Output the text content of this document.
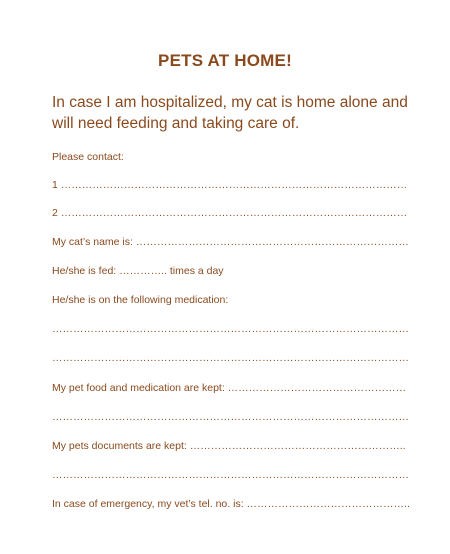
PETS AT HOME!

In case I am hospitalized, my cat is home alone and will need feeding and taking care of.

Please contact:
1 ………………………………………………………………………………………
2 ………………………………………………………………………………………
My cat’s name is: ……………………………………………………………………
He/she is fed: ………….. times a day
He/she is on the following medication:
…………………………………………………………………………………………
…………………………………………………………………………………………
My pet food and medication are kept: ……………………………………………
…………………………………………………………………………………………
My pets documents are kept: ……………………………………………………..
…………………………………………………………………………………………
In case of emergency, my vet’s tel. no. is: ………………………………………..
